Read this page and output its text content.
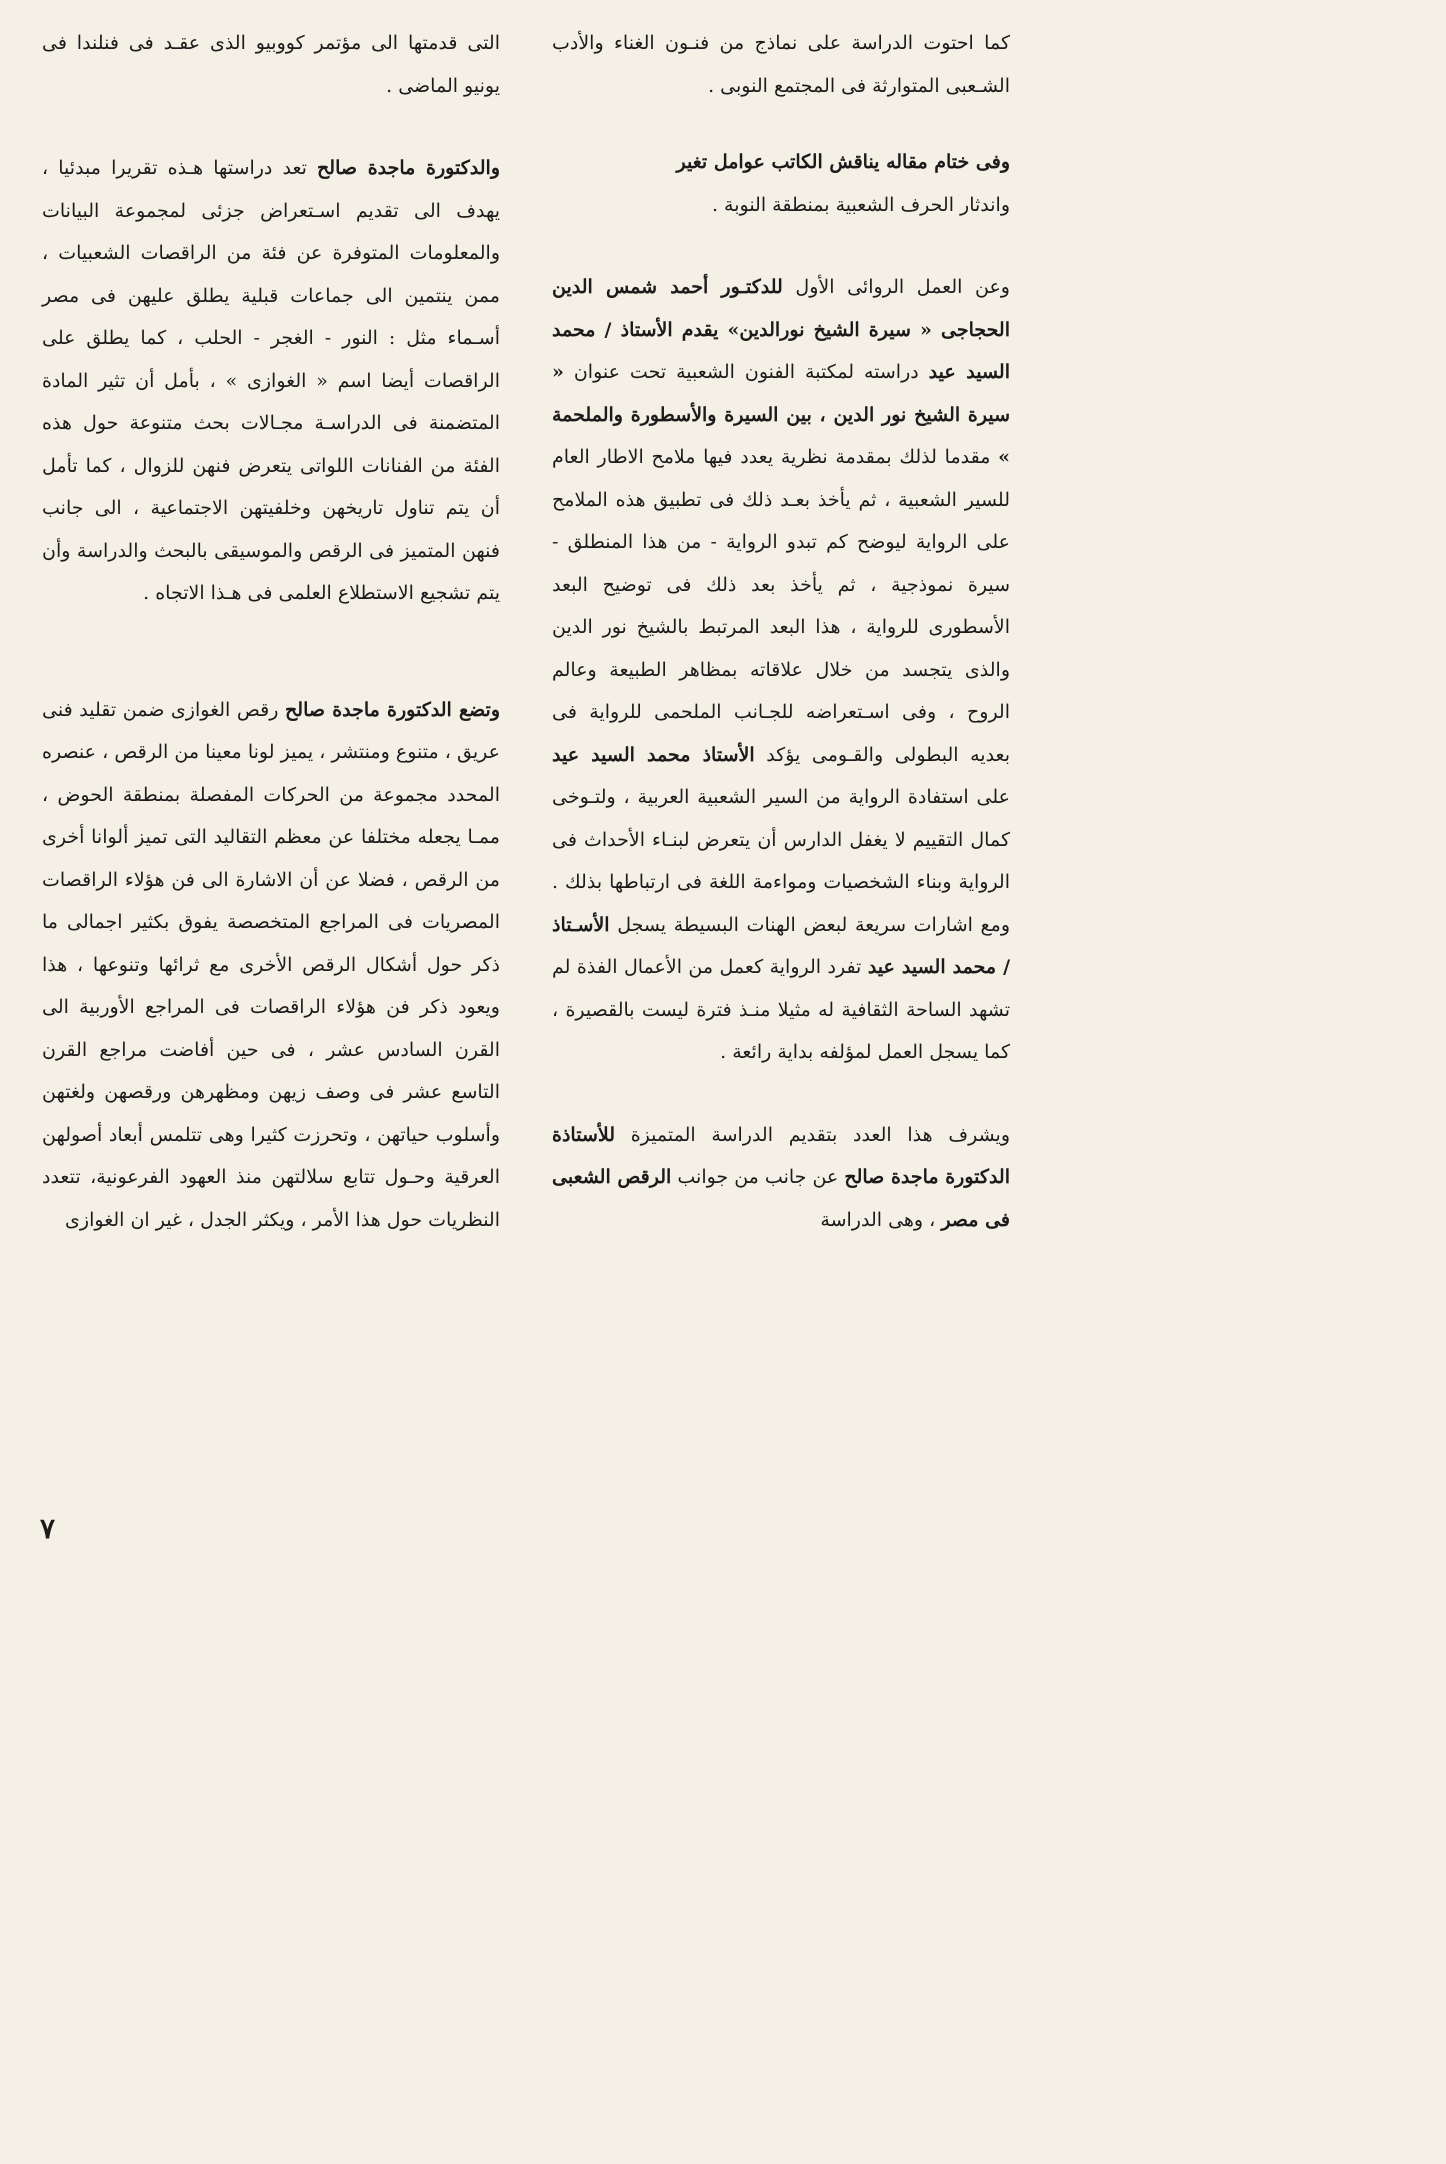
كما احتوت الدراسة على نماذج من فنـون الغناء والأدب الشـعبى المتوارثة فى المجتمع النوبى .

وفى ختام مقاله يناقش الكاتب عوامل تغير
واندثار الحرف الشعبية بمنطقة النوبة .

وعن العمل الروائى الأول للدكتـور أحمد شمس الدين الحجاجى « سيرة الشيخ نورالدين» يقدم الأستاذ / محمد السيد عيد دراسته لمكتبة الفنون الشعبية تحت عنوان « سيرة الشيخ نور الدين ، بين السيرة والأسطورة والملحمة » مقدما لذلك بمقدمة نظرية يعدد فيها ملامح الاطار العام للسير الشعبية ، ثم يأخذ بعـد ذلك فى تطبيق هذه الملامح على الرواية ليوضح كم تبدو الرواية - من هذا المنطلق - سيرة نموذجية ، ثم يأخذ بعد ذلك فى توضيح البعد الأسطورى للرواية ، هذا البعد المرتبط بالشيخ نور الدين والذى يتجسد من خلال علاقاته بمظاهر الطبيعة وعالم الروح ، وفى اسـتعراضه للجـانب الملحمى للرواية فى بعديه البطولى والقـومى يؤكد الأستاذ محمد السيد عيد على استفادة الرواية من السير الشعبية العربية ، ولتـوخى كمال التقييم لا يغفل الدارس أن يتعرض لبنـاء الأحداث فى الرواية وبناء الشخصيات ومواءمة اللغة فى ارتباطها بذلك . ومع اشارات سريعة لبعض الهنات البسيطة يسجل الأسـتاذ / محمد السيد عيد تفرد الرواية كعمل من الأعمال الفذة لم تشهد الساحة الثقافية له مثيلا منـذ فترة ليست بالقصيرة ، كما يسجل العمل لمؤلفه بداية رائعة .

ويشرف هذا العدد بتقديم الدراسة المتميزة للأستاذة الدكتورة ماجدة صالح عن جانب من جوانب الرقص الشعبى فى مصر ، وهى الدراسة

التى قدمتها الى مؤتمر كووبيو الذى عقـد فى فنلندا فى يونيو الماضى .

والدكتورة ماجدة صالح تعد دراستها هـذه تقريرا مبدئيا ، يهدف الى تقديم اسـتعراض جزئى لمجموعة البيانات والمعلومات المتوفرة عن فئة من الراقصات الشعبيات ، ممن ينتمين الى جماعات قبلية يطلق عليهن فى مصر أسـماء مثل : النور - الغجر - الحلب ، كما يطلق على الراقصات أيضا اسم « الغوازى » ، بأمل أن تثير المادة المتضمنة فى الدراسـة مجـالات بحث متنوعة حول هذه الفئة من الفنانات اللواتى يتعرض فنهن للزوال ، كما تأمل أن يتم تناول تاريخهن وخلفيتهن الاجتماعية ، الى جانب فنهن المتميز فى الرقص والموسيقى بالبحث والدراسة وأن يتم تشجيع الاستطلاع العلمى فى هـذا الاتجاه .

وتضع الدكتورة ماجدة صالح رقص الغوازى ضمن تقليد فنى عريق ، متنوع ومنتشر ، يميز لونا معينا من الرقص ، عنصره المحدد مجموعة من الحركات المفصلة بمنطقة الحوض ، ممـا يجعله مختلفا عن معظم التقاليد التى تميز ألوانا أخرى من الرقص ، فضلا عن أن الاشارة الى فن هؤلاء الراقصات المصريات فى المراجع المتخصصة يفوق بكثير اجمالى ما ذكر حول أشكال الرقص الأخرى مع ثرائها وتنوعها ، هذا ويعود ذكر فن هؤلاء الراقصات فى المراجع الأوربية الى القرن السادس عشر ، فى حين أفاضت مراجع القرن التاسع عشر فى وصف زيهن ومظهرهن ورقصهن ولغتهن وأسلوب حياتهن ، وتحرزت كثيرا وهى تتلمس أبعاد أصولهن العرقية وحـول تتابع سلالتهن منذ العهود الفرعونية، تتعدد النظريات حول هذا الأمر ، ويكثر الجدل ، غير ان الغوازى

٧
